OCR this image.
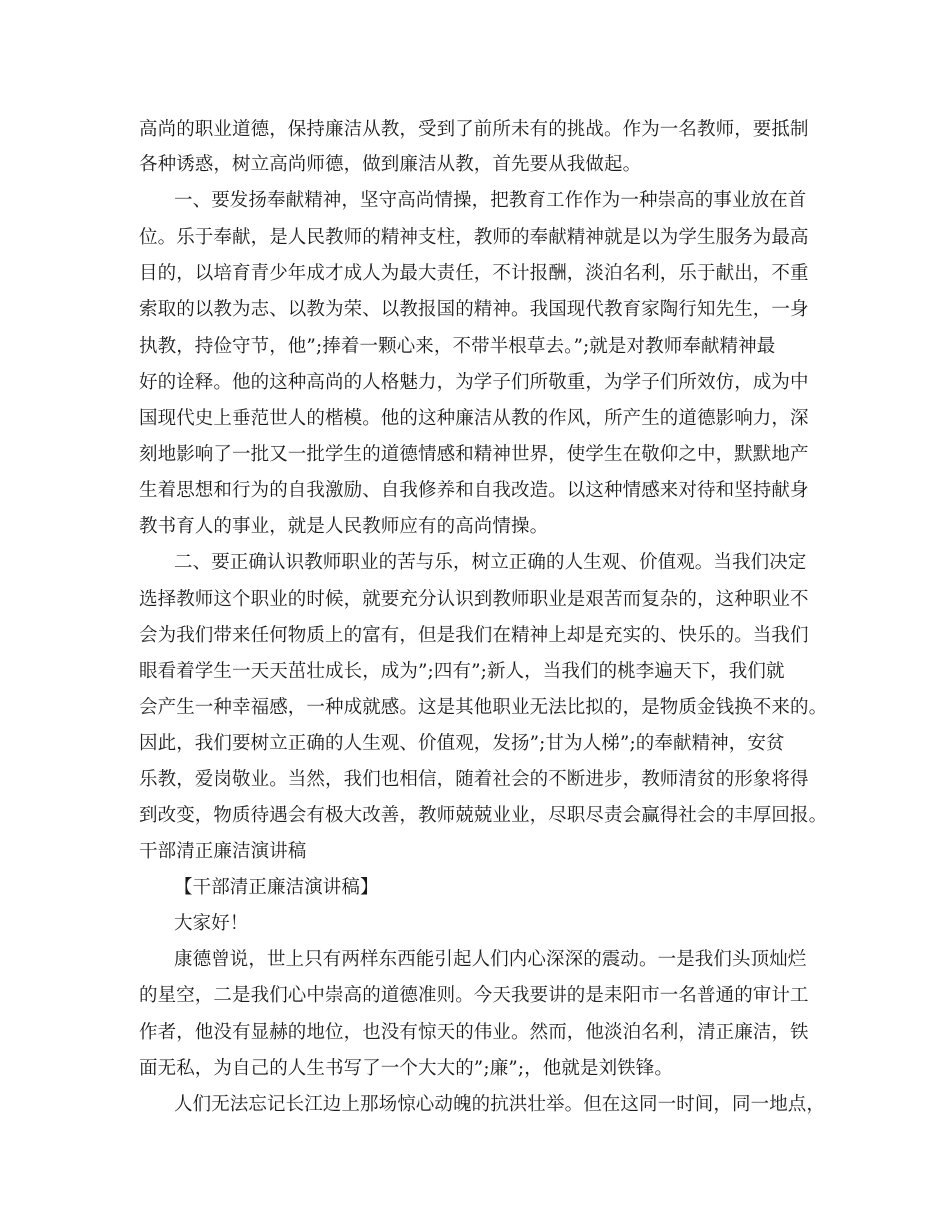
高尚的职业道德，保持廉洁从教，受到了前所未有的挑战。作为一名教师，要抵制
各种诱惑，树立高尚师德，做到廉洁从教，首先要从我做起。
一、要发扬奉献精神，坚守高尚情操，把教育工作作为一种崇高的事业放在首
位。乐于奉献，是人民教师的精神支柱，教师的奉献精神就是以为学生服务为最高
目的，以培育青少年成才成人为最大责任，不计报酬，淡泊名利，乐于献出，不重
索取的以教为志、以教为荣、以教报国的精神。我国现代教育家陶行知先生，一身
执教，持俭守节，他”;捧着一颗心来，不带半根草去。”;就是对教师奉献精神最
好的诠释。他的这种高尚的人格魅力，为学子们所敬重，为学子们所效仿，成为中
国现代史上垂范世人的楷模。他的这种廉洁从教的作风，所产生的道德影响力，深
刻地影响了一批又一批学生的道德情感和精神世界，使学生在敬仰之中，默默地产
生着思想和行为的自我激励、自我修养和自我改造。以这种情感来对待和坚持献身
教书育人的事业，就是人民教师应有的高尚情操。
二、要正确认识教师职业的苦与乐，树立正确的人生观、价值观。当我们决定
选择教师这个职业的时候，就要充分认识到教师职业是艰苦而复杂的，这种职业不
会为我们带来任何物质上的富有，但是我们在精神上却是充实的、快乐的。当我们
眼看着学生一天天茁壮成长，成为”;四有”;新人，当我们的桃李遍天下，我们就
会产生一种幸福感，一种成就感。这是其他职业无法比拟的，是物质金钱换不来的。
因此，我们要树立正确的人生观、价值观，发扬”;甘为人梯”;的奉献精神，安贫
乐教，爱岗敬业。当然，我们也相信，随着社会的不断进步，教师清贫的形象将得
到改变，物质待遇会有极大改善，教师兢兢业业，尽职尽责会赢得社会的丰厚回报。
干部清正廉洁演讲稿
【干部清正廉洁演讲稿】
大家好！
康德曾说，世上只有两样东西能引起人们内心深深的震动。一是我们头顶灿烂
的星空，二是我们心中崇高的道德准则。今天我要讲的是耒阳市一名普通的审计工
作者，他没有显赫的地位，也没有惊天的伟业。然而，他淡泊名利，清正廉洁，铁
面无私，为自己的人生书写了一个大大的”;廉”;，他就是刘铁锋。
人们无法忘记长江边上那场惊心动魄的抗洪壮举。但在这同一时间，同一地点，
